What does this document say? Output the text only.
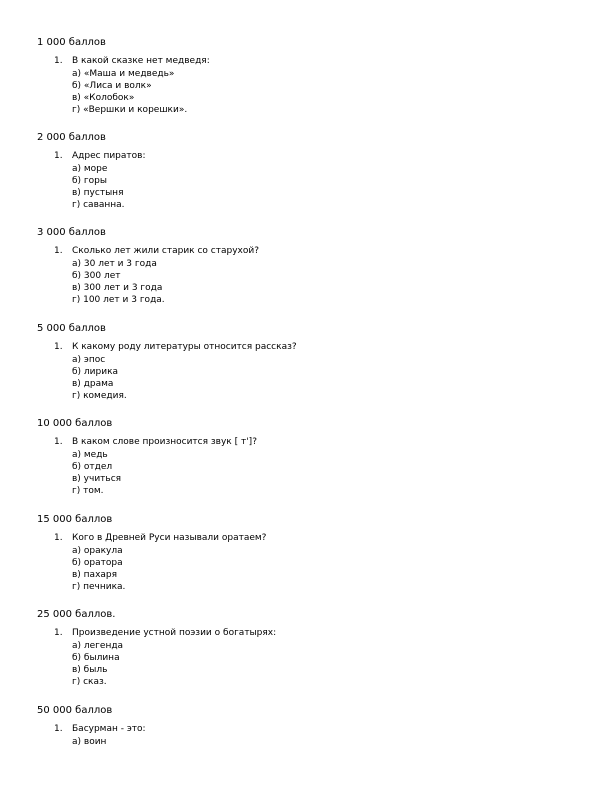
1 000 баллов
1. В какой сказке нет медведя:
а) «Маша и медведь»
б) «Лиса и волк»
в) «Колобок»
г) «Вершки и корешки».
2 000 баллов
1. Адрес пиратов:
а) море
б) горы
в) пустыня
г) саванна.
3 000 баллов
1. Сколько лет жили старик со старухой?
а) 30 лет и 3 года
б) 300 лет
в) 300 лет и 3 года
г) 100 лет и 3 года.
5 000 баллов
1. К какому роду литературы относится рассказ?
а) эпос
б) лирика
в) драма
г) комедия.
10 000 баллов
1. В каком слове произносится звук [ т']?
а) медь
б) отдел
в) учиться
г) том.
15 000 баллов
1. Кого в Древней Руси называли оратаем?
а) оракула
б) оратора
в) пахаря
г) печника.
25 000 баллов.
1. Произведение устной поэзии о богатырях:
а) легенда
б) былина
в) быль
г) сказ.
50 000 баллов
1. Басурман - это:
а) воин
